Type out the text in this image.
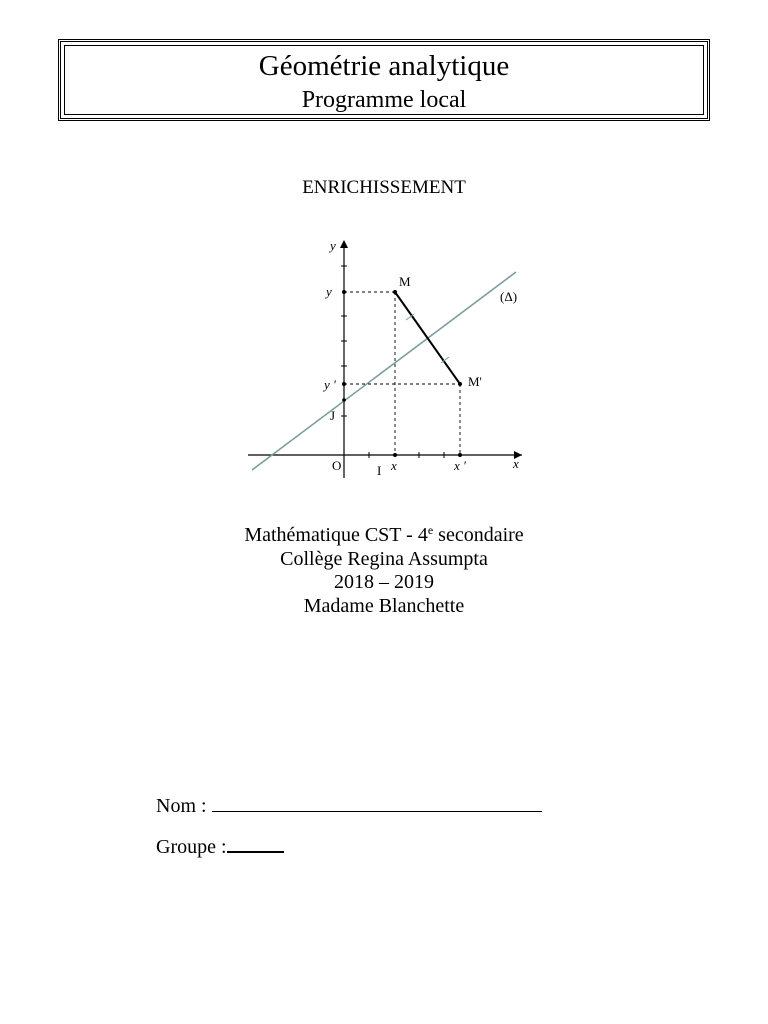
Géométrie analytique
Programme local
ENRICHISSEMENT
y
x
O	I
J
M
M'
(Δ)
y
y '
x	x '
Mathématique CST - 4e secondaire
Collège Regina Assumpta
2018 – 2019
Madame Blanchette
Nom :
Groupe :
